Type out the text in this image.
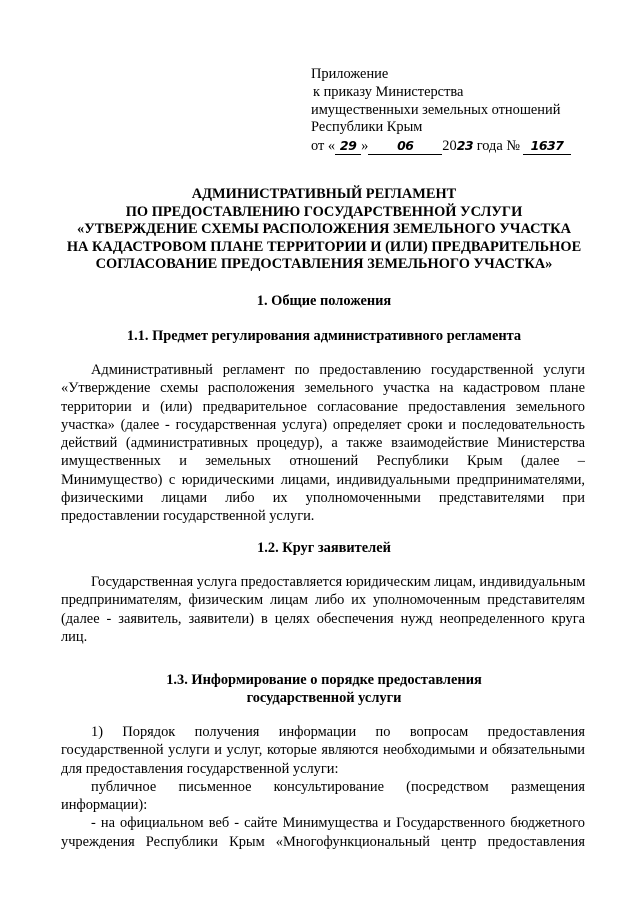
Приложение
к приказу Министерства
имущественныхи земельных отношений
Республики Крым
от « 29 » 06 2023 года № 1637
АДМИНИСТРАТИВНЫЙ РЕГЛАМЕНТ
ПО ПРЕДОСТАВЛЕНИЮ ГОСУДАРСТВЕННОЙ УСЛУГИ
«УТВЕРЖДЕНИЕ СХЕМЫ РАСПОЛОЖЕНИЯ ЗЕМЕЛЬНОГО УЧАСТКА
НА КАДАСТРОВОМ ПЛАНЕ ТЕРРИТОРИИ И (ИЛИ) ПРЕДВАРИТЕЛЬНОЕ
СОГЛАСОВАНИЕ ПРЕДОСТАВЛЕНИЯ ЗЕМЕЛЬНОГО УЧАСТКА»
1. Общие положения
1.1. Предмет регулирования административного регламента
Административный регламент по предоставлению государственной услуги
«Утверждение схемы расположения земельного участка на кадастровом плане
территории и (или) предварительное согласование предоставления земельного
участка» (далее - государственная услуга) определяет сроки и последовательность
действий (административных процедур), а также взаимодействие Министерства
имущественных и земельных отношений Республики Крым (далее –
Минимущество) с юридическими лицами, индивидуальными предпринимателями,
физическими лицами либо их уполномоченными представителями при
предоставлении государственной услуги.
1.2. Круг заявителей
Государственная услуга предоставляется юридическим лицам, индивидуальным
предпринимателям, физическим лицам либо их уполномоченным представителям
(далее - заявитель, заявители) в целях обеспечения нужд неопределенного круга
лиц.
1.3. Информирование о порядке предоставления
государственной услуги
1) Порядок получения информации по вопросам предоставления
государственной услуги и услуг, которые являются необходимыми и обязательными
для предоставления государственной услуги:
публичное письменное консультирование (посредством размещения
информации):
- на официальном веб - сайте Минимущества и Государственного бюджетного
учреждения Республики Крым «Многофункциональный центр предоставления
